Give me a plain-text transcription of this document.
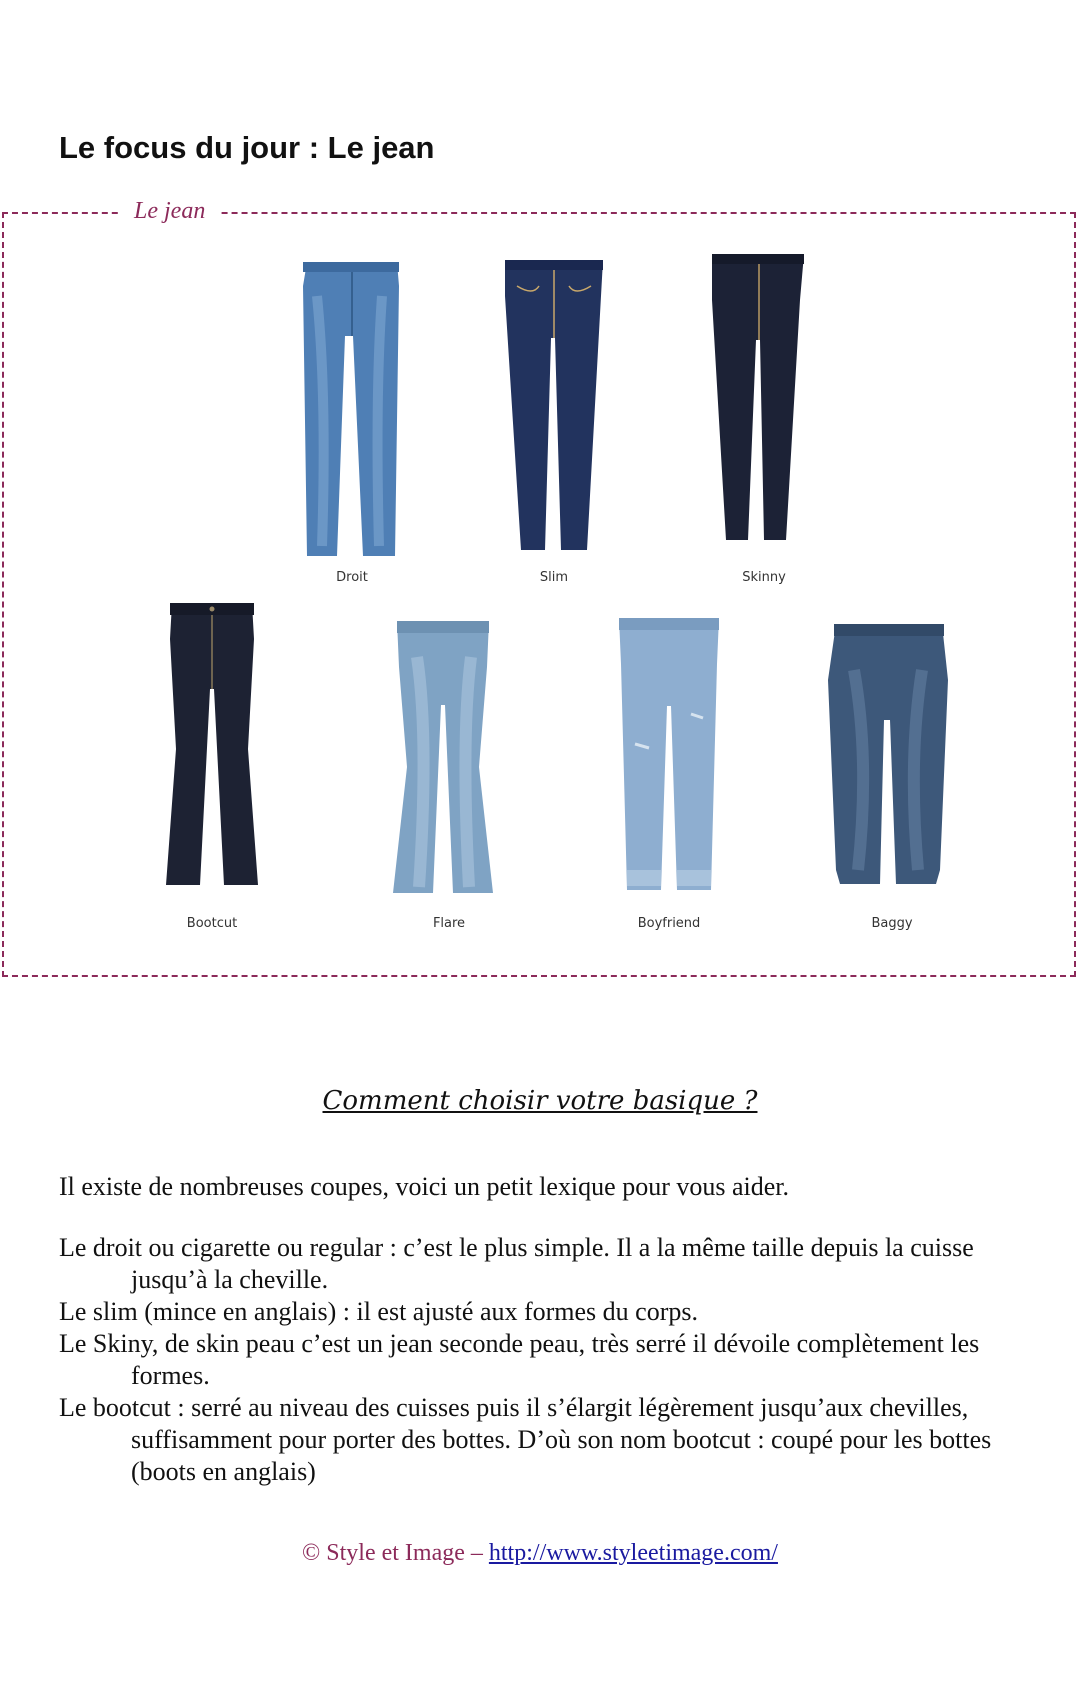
Le focus du jour : Le jean
Le jean
Droit	Slim	Skinny
Bootcut	Flare	Boyfriend	Baggy

Comment choisir votre basique ?

Il existe de nombreuses coupes, voici un petit lexique pour vous aider.

Le droit ou cigarette ou regular : c’est le plus simple. Il a la même taille depuis la cuisse jusqu’à la cheville.
Le slim (mince en anglais) : il est ajusté aux formes du corps.
Le Skiny, de skin peau c’est un jean seconde peau, très serré il dévoile complètement les formes.
Le bootcut : serré au niveau des cuisses puis il s’élargit légèrement jusqu’aux chevilles, suffisamment pour porter des bottes. D’où son nom bootcut : coupé pour les bottes (boots en anglais)
© Style et Image – http://www.styleetimage.com/
